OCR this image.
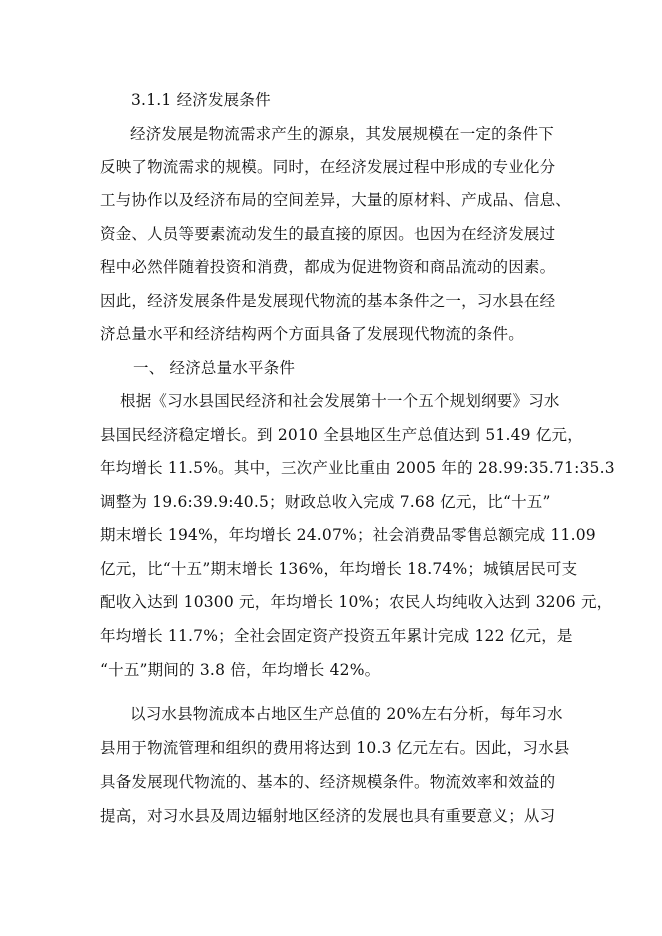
3.1.1 经济发展条件
经济发展是物流需求产生的源泉，其发展规模在一定的条件下
反映了物流需求的规模。同时，在经济发展过程中形成的专业化分
工与协作以及经济布局的空间差异，大量的原材料、产成品、信息、
资金、人员等要素流动发生的最直接的原因。也因为在经济发展过
程中必然伴随着投资和消费，都成为促进物资和商品流动的因素。
因此，经济发展条件是发展现代物流的基本条件之一，习水县在经
济总量水平和经济结构两个方面具备了发展现代物流的条件。
一、 经济总量水平条件
根据《习水县国民经济和社会发展第十一个五个规划纲要》习水
县国民经济稳定增长。到 2010 全县地区生产总值达到 51.49 亿元，
年均增长 11.5%。其中，三次产业比重由 2005 年的 28.99:35.71:35.3
调整为 19.6:39.9:40.5；财政总收入完成 7.68 亿元，比“十五”
期末增长 194%，年均增长 24.07%；社会消费品零售总额完成 11.09
亿元，比“十五”期末增长 136%，年均增长 18.74%；城镇居民可支
配收入达到 10300 元，年均增长 10%；农民人均纯收入达到 3206 元，
年均增长 11.7%；全社会固定资产投资五年累计完成 122 亿元，是
“十五”期间的 3.8 倍，年均增长 42%。
以习水县物流成本占地区生产总值的 20%左右分析，每年习水
县用于物流管理和组织的费用将达到 10.3 亿元左右。因此，习水县
具备发展现代物流的、基本的、经济规模条件。物流效率和效益的
提高，对习水县及周边辐射地区经济的发展也具有重要意义；从习
